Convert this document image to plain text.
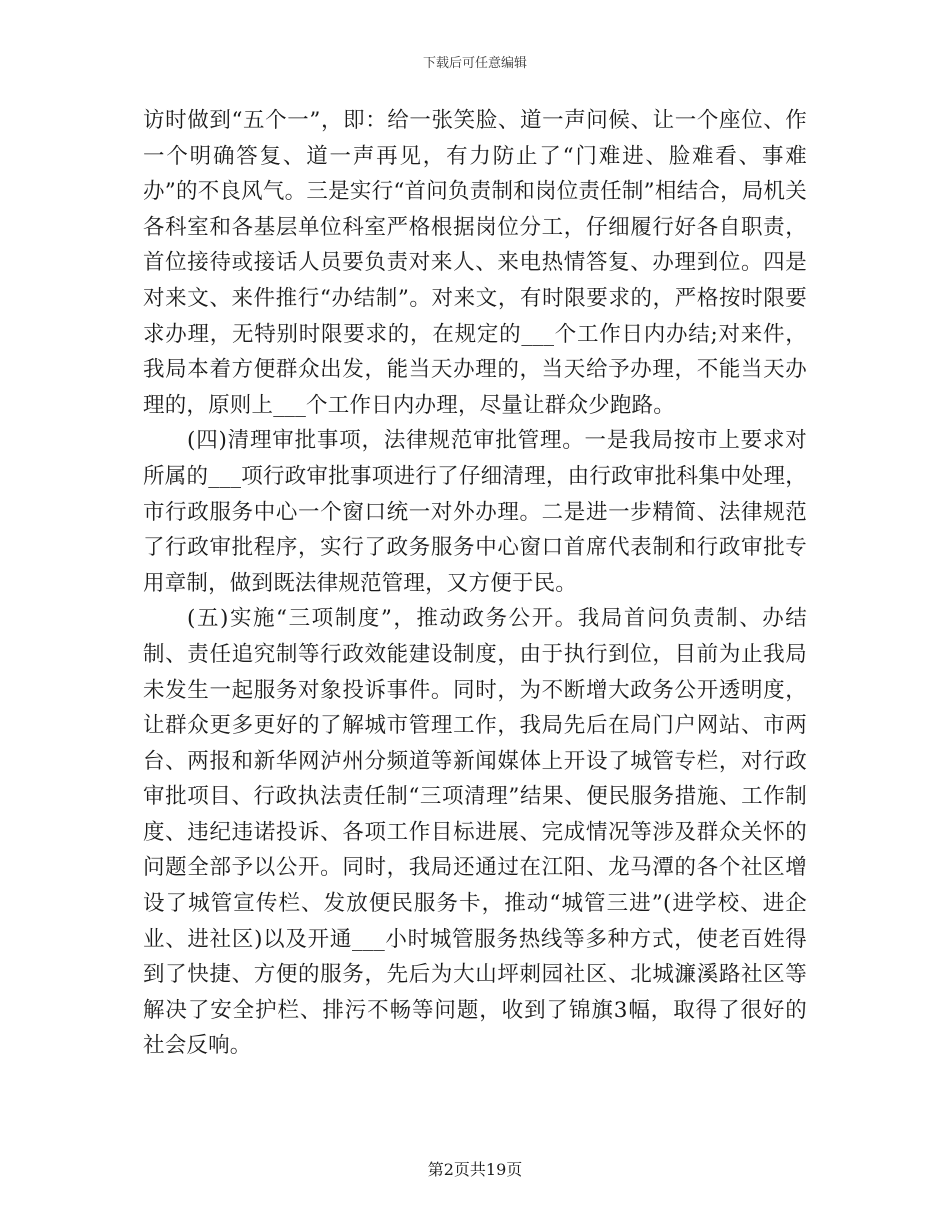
下载后可任意编辑

访时做到“五个一”，即：给一张笑脸、道一声问候、让一个座位、作一个明确答复、道一声再见，有力防止了“门难进、脸难看、事难办”的不良风气。三是实行“首问负责制和岗位责任制”相结合，局机关各科室和各基层单位科室严格根据岗位分工，仔细履行好各自职责，首位接待或接话人员要负责对来人、来电热情答复、办理到位。四是对来文、来件推行“办结制”。对来文，有时限要求的，严格按时限要求办理，无特别时限要求的，在规定的___个工作日内办结;对来件，我局本着方便群众出发，能当天办理的，当天给予办理，不能当天办理的，原则上___个工作日内办理，尽量让群众少跑路。

(四)清理审批事项，法律规范审批管理。一是我局按市上要求对所属的___项行政审批事项进行了仔细清理，由行政审批科集中处理，市行政服务中心一个窗口统一对外办理。二是进一步精简、法律规范了行政审批程序，实行了政务服务中心窗口首席代表制和行政审批专用章制，做到既法律规范管理，又方便于民。

(五)实施“三项制度”，推动政务公开。我局首问负责制、办结制、责任追究制等行政效能建设制度，由于执行到位，目前为止我局未发生一起服务对象投诉事件。同时，为不断增大政务公开透明度，让群众更多更好的了解城市管理工作，我局先后在局门户网站、市两台、两报和新华网泸州分频道等新闻媒体上开设了城管专栏，对行政审批项目、行政执法责任制“三项清理”结果、便民服务措施、工作制度、违纪违诺投诉、各项工作目标进展、完成情况等涉及群众关怀的问题全部予以公开。同时，我局还通过在江阳、龙马潭的各个社区增设了城管宣传栏、发放便民服务卡，推动“城管三进”(进学校、进企业、进社区)以及开通___小时城管服务热线等多种方式，使老百姓得到了快捷、方便的服务，先后为大山坪刺园社区、北城濂溪路社区等解决了安全护栏、排污不畅等问题，收到了锦旗3幅，取得了很好的社会反响。

第2页共19页
